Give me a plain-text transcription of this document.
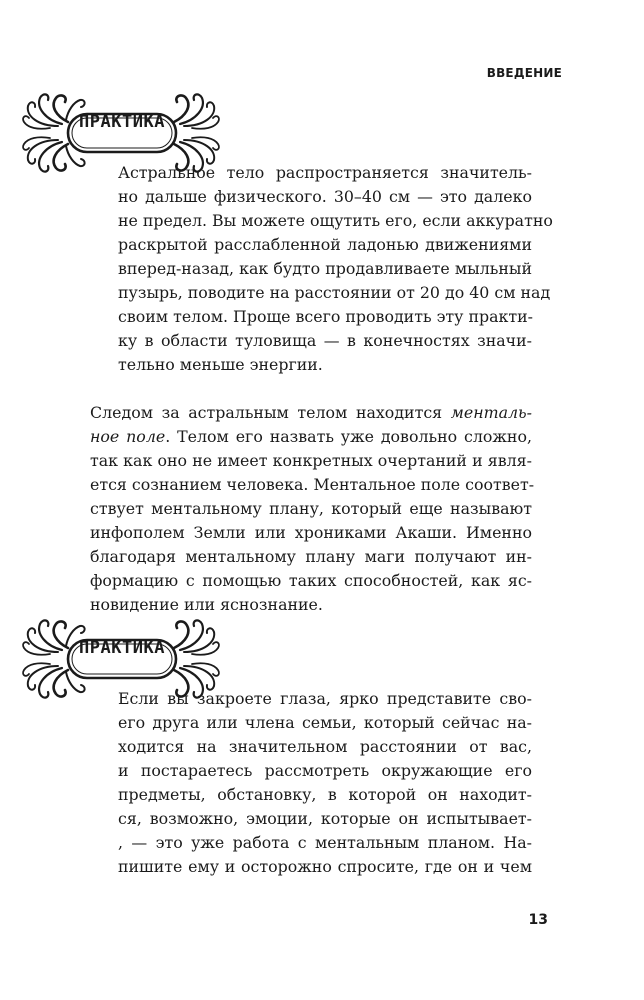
ВВЕДЕНИЕ
ПРАКТИКА
Астральное тело распространяется значитель-
но дальше физического. 30–40 см — это далеко
не предел. Вы можете ощутить его, если аккуратно
раскрытой расслабленной ладонью движениями
вперед-назад, как будто продавливаете мыльный
пузырь, поводите на расстоянии от 20 до 40 см над
своим телом. Проще всего проводить эту практи-
ку в области туловища — в конечностях значи-
тельно меньше энергии.
Следом за астральным телом находится менталь-
ное поле. Телом его назвать уже довольно сложно,
так как оно не имеет конкретных очертаний и явля-
ется сознанием человека. Ментальное поле соответ-
ствует ментальному плану, который еще называют
инфополем Земли или хрониками Акаши. Именно
благодаря ментальному плану маги получают ин-
формацию с помощью таких способностей, как яс-
новидение или яснознание.
ПРАКТИКА
Если вы закроете глаза, ярко представите сво-
его друга или члена семьи, который сейчас на-
ходится на значительном расстоянии от вас,
и постараетесь рассмотреть окружающие его
предметы, обстановку, в которой он находит-
ся, возможно, эмоции, которые он испытывает-
, — это уже работа с ментальным планом. На-
пишите ему и осторожно спросите, где он и чем
13
